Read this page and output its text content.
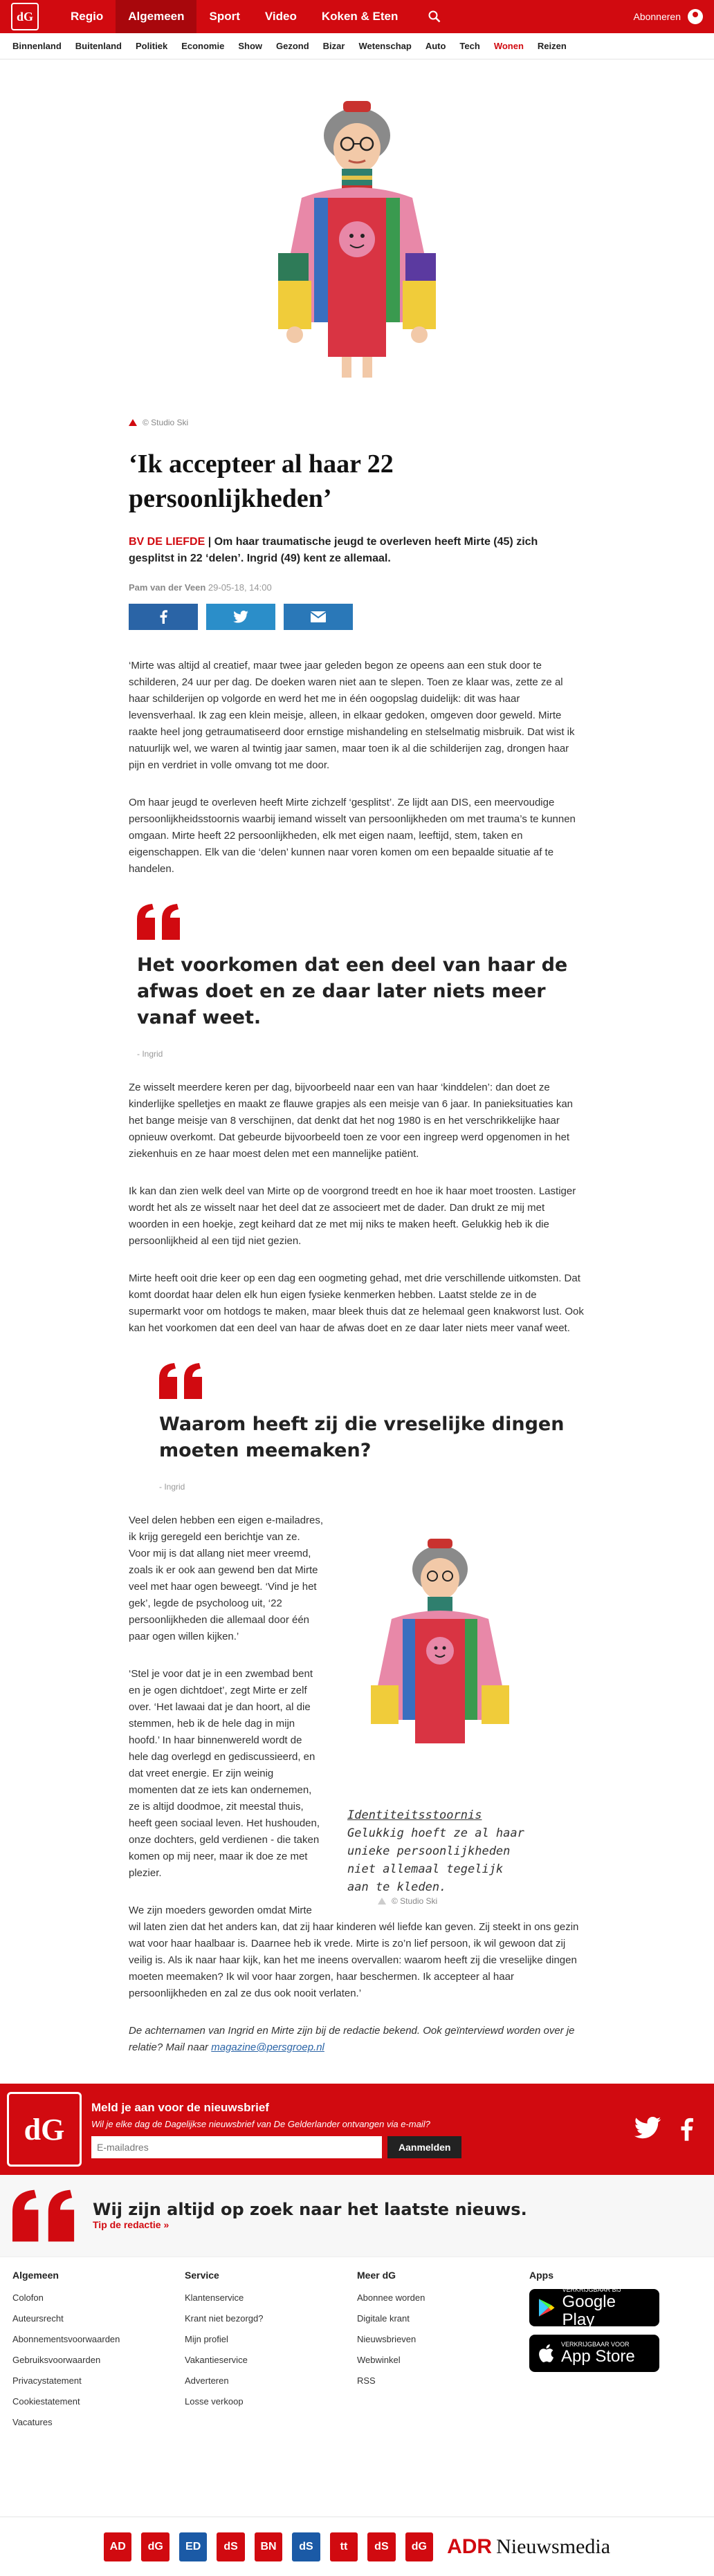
dG	Regio	Algemeen	Sport	Video	Koken & Eten	Abonneren
Binnenland	Buitenland	Politiek	Economie	Show	Gezond	Bizar	Wetenschap	Auto	Tech	Wonen	Reizen
© Studio Ski
‘Ik accepteer al haar 22 persoonlijkheden’
BV DE LIEFDE | Om haar traumatische jeugd te overleven heeft Mirte (45) zich gesplitst in 22 ‘delen’. Ingrid (49) kent ze allemaal.
Pam van der Veen 29-05-18, 14:00

‘Mirte was altijd al creatief, maar twee jaar geleden begon ze opeens aan een stuk door te schilderen, 24 uur per dag. De doeken waren niet aan te slepen. Toen ze klaar was, zette ze al haar schilderijen op volgorde en werd het me in één oogopslag duidelijk: dit was haar levensverhaal. Ik zag een klein meisje, alleen, in elkaar gedoken, omgeven door geweld. Mirte raakte heel jong getraumatiseerd door ernstige mishandeling en stelselmatig misbruik. Dat wist ik natuurlijk wel, we waren al twintig jaar samen, maar toen ik al die schilderijen zag, drongen haar pijn en verdriet in volle omvang tot me door.

Om haar jeugd te overleven heeft Mirte zichzelf ‘gesplitst’. Ze lijdt aan DIS, een meervoudige persoonlijkheidsstoornis waarbij iemand wisselt van persoonlijkheden om met trauma’s te kunnen omgaan. Mirte heeft 22 persoonlijkheden, elk met eigen naam, leeftijd, stem, taken en eigenschappen. Elk van die ‘delen’ kunnen naar voren komen om een bepaalde situatie af te handelen.

Het voorkomen dat een deel van haar de afwas doet en ze daar later niets meer vanaf weet.
- Ingrid

Ze wisselt meerdere keren per dag, bijvoorbeeld naar een van haar ‘kinddelen’: dan doet ze kinderlijke spelletjes en maakt ze flauwe grapjes als een meisje van 6 jaar. In panieksituaties kan het bange meisje van 8 verschijnen, dat denkt dat het nog 1980 is en het verschrikkelijke haar opnieuw overkomt. Dat gebeurde bijvoorbeeld toen ze voor een ingreep werd opgenomen in het ziekenhuis en ze haar moest delen met een mannelijke patiënt.

Ik kan dan zien welk deel van Mirte op de voorgrond treedt en hoe ik haar moet troosten. Lastiger wordt het als ze wisselt naar het deel dat ze associeert met de dader. Dan drukt ze mij met woorden in een hoekje, zegt keihard dat ze met mij niks te maken heeft. Gelukkig heb ik die persoonlijkheid al een tijd niet gezien.

Mirte heeft ooit drie keer op een dag een oogmeting gehad, met drie verschillende uitkomsten. Dat komt doordat haar delen elk hun eigen fysieke kenmerken hebben. Laatst stelde ze in de supermarkt voor om hotdogs te maken, maar bleek thuis dat ze helemaal geen knakworst lust. Ook kan het voorkomen dat een deel van haar de afwas doet en ze daar later niets meer vanaf weet.

Waarom heeft zij die vreselijke dingen moeten meemaken?
- Ingrid
Identiteitsstoornis
Gelukkig hoeft ze al haar
unieke persoonlijkheden
niet allemaal tegelijk
aan te kleden.
© Studio Ski

Veel delen hebben een eigen e-mailadres, ik krijg geregeld een berichtje van ze. Voor mij is dat allang niet meer vreemd, zoals ik er ook aan gewend ben dat Mirte veel met haar ogen beweegt. ‘Vind je het gek’, legde de psycholoog uit, ‘22 persoonlijkheden die allemaal door één paar ogen willen kijken.’

‘Stel je voor dat je in een zwembad bent en je ogen dichtdoet’, zegt Mirte er zelf over. ‘Het lawaai dat je dan hoort, al die stemmen, heb ik de hele dag in mijn hoofd.’ In haar binnenwereld wordt de hele dag overlegd en gediscussieerd, en dat vreet energie. Er zijn weinig momenten dat ze iets kan ondernemen, ze is altijd doodmoe, zit meestal thuis, heeft geen sociaal leven. Het hushouden, onze dochters, geld verdienen - die taken komen op mij neer, maar ik doe ze met plezier.

We zijn moeders geworden omdat Mirte wil laten zien dat het anders kan, dat zij haar kinderen wél liefde kan geven. Zij steekt in ons gezin wat voor haar haalbaar is. Daarnee heb ik vrede. Mirte is zo’n lief persoon, ik wil gewoon dat zij veilig is. Als ik naar haar kijk, kan het me ineens overvallen: waarom heeft zij die vreselijke dingen moeten meemaken? Ik wil voor haar zorgen, haar beschermen. Ik accepteer al haar persoonlijkheden en zal ze dus ook nooit verlaten.’

De achternamen van Ingrid en Mirte zijn bij de redactie bekend. Ook geïnterviewd worden over je relatie? Mail naar magazine@persgroep.nl

dG
Meld je aan voor de nieuwsbrief
Wil je elke dag de Dagelijkse nieuwsbrief van De Gelderlander ontvangen via e-mail?
E-mailadres
Aanmelden
Wij zijn altijd op zoek naar het laatste nieuws.
Tip de redactie »
Algemeen
Colofon
Auteursrecht
Abonnementsvoorwaarden
Gebruiksvoorwaarden
Privacystatement
Cookiestatement
Vacatures
Service
Klantenservice
Krant niet bezorgd?
Mijn profiel
Vakantieservice
Adverteren
Losse verkoop
Meer dG
Abonnee worden
Digitale krant
Nieuwsbrieven
Webwinkel
RSS
Apps
VERKRIJGBAAR BIJ
Google Play
VERKRIJGBAAR VOOR
App Store
AD	dG	ED	dS	BN	dS	tt	dS	dG ADR Nieuwsmedia
